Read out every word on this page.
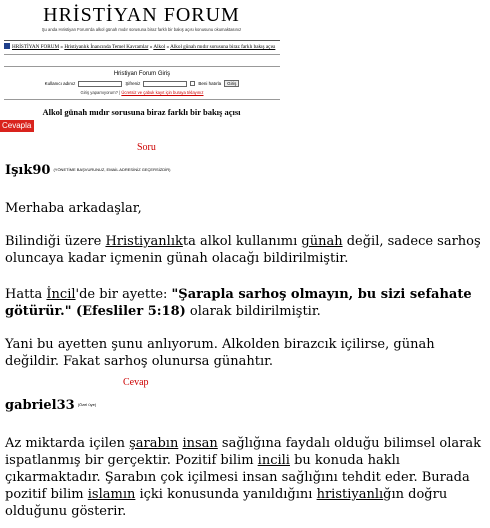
HRİSTİYAN FORUM
Şu anda Hıristiyan Forum'da alkol günah mıdır sorusuna biraz farklı bir bakış açısı konusunu okumaktasınız
HRİSTİYAN FORUM » Hristiyanlık İnancında Temel Kavramlar » Alkol » Alkol günah mıdır sorusuna biraz farklı bakış açısı
Hristiyan Forum Giriş
Kullanıcı adınız	Şifreniz	Beni hatırla	Giriş
Giriş yapamıyorum? | Ücretsiz ve çabuk kayıt için buraya tıklayınız
Alkol günah mıdır sorusuna biraz farklı bir bakış açısı
Cevapla
Soru
Işık90 $^{(YÖNETİME BAŞVURUNUZ, EMAİL ADRESİNİZ GEÇERSİZDİR)}$
Merhaba arkadaşlar,
Bilindiği üzere Hristiyanlıkta alkol kullanımı günah değil, sadece sarhoş oluncaya kadar içmenin günah olacağı bildirilmiştir.
Hatta İncil'de bir ayette: "Şarapla sarhoş olmayın, bu sizi sefahate götürür." (Efesliler 5:18) olarak bildirilmiştir.
Yani bu ayetten şunu anlıyorum. Alkolden birazcık içilirse, günah değildir. Fakat sarhoş olunursa günahtır.
Cevap
gabriel33 $^{(Özel üye)}$
Az miktarda içilen şarabın insan sağlığına faydalı olduğu bilimsel olarak ispatlanmış bir gerçektir. Pozitif bilim incili bu konuda haklı çıkarmaktadır. Şarabın çok içilmesi insan sağlığını tehdit eder. Burada pozitif bilim islamın içki konusunda yanıldığını hristiyanlığın doğru olduğunu gösterir.
